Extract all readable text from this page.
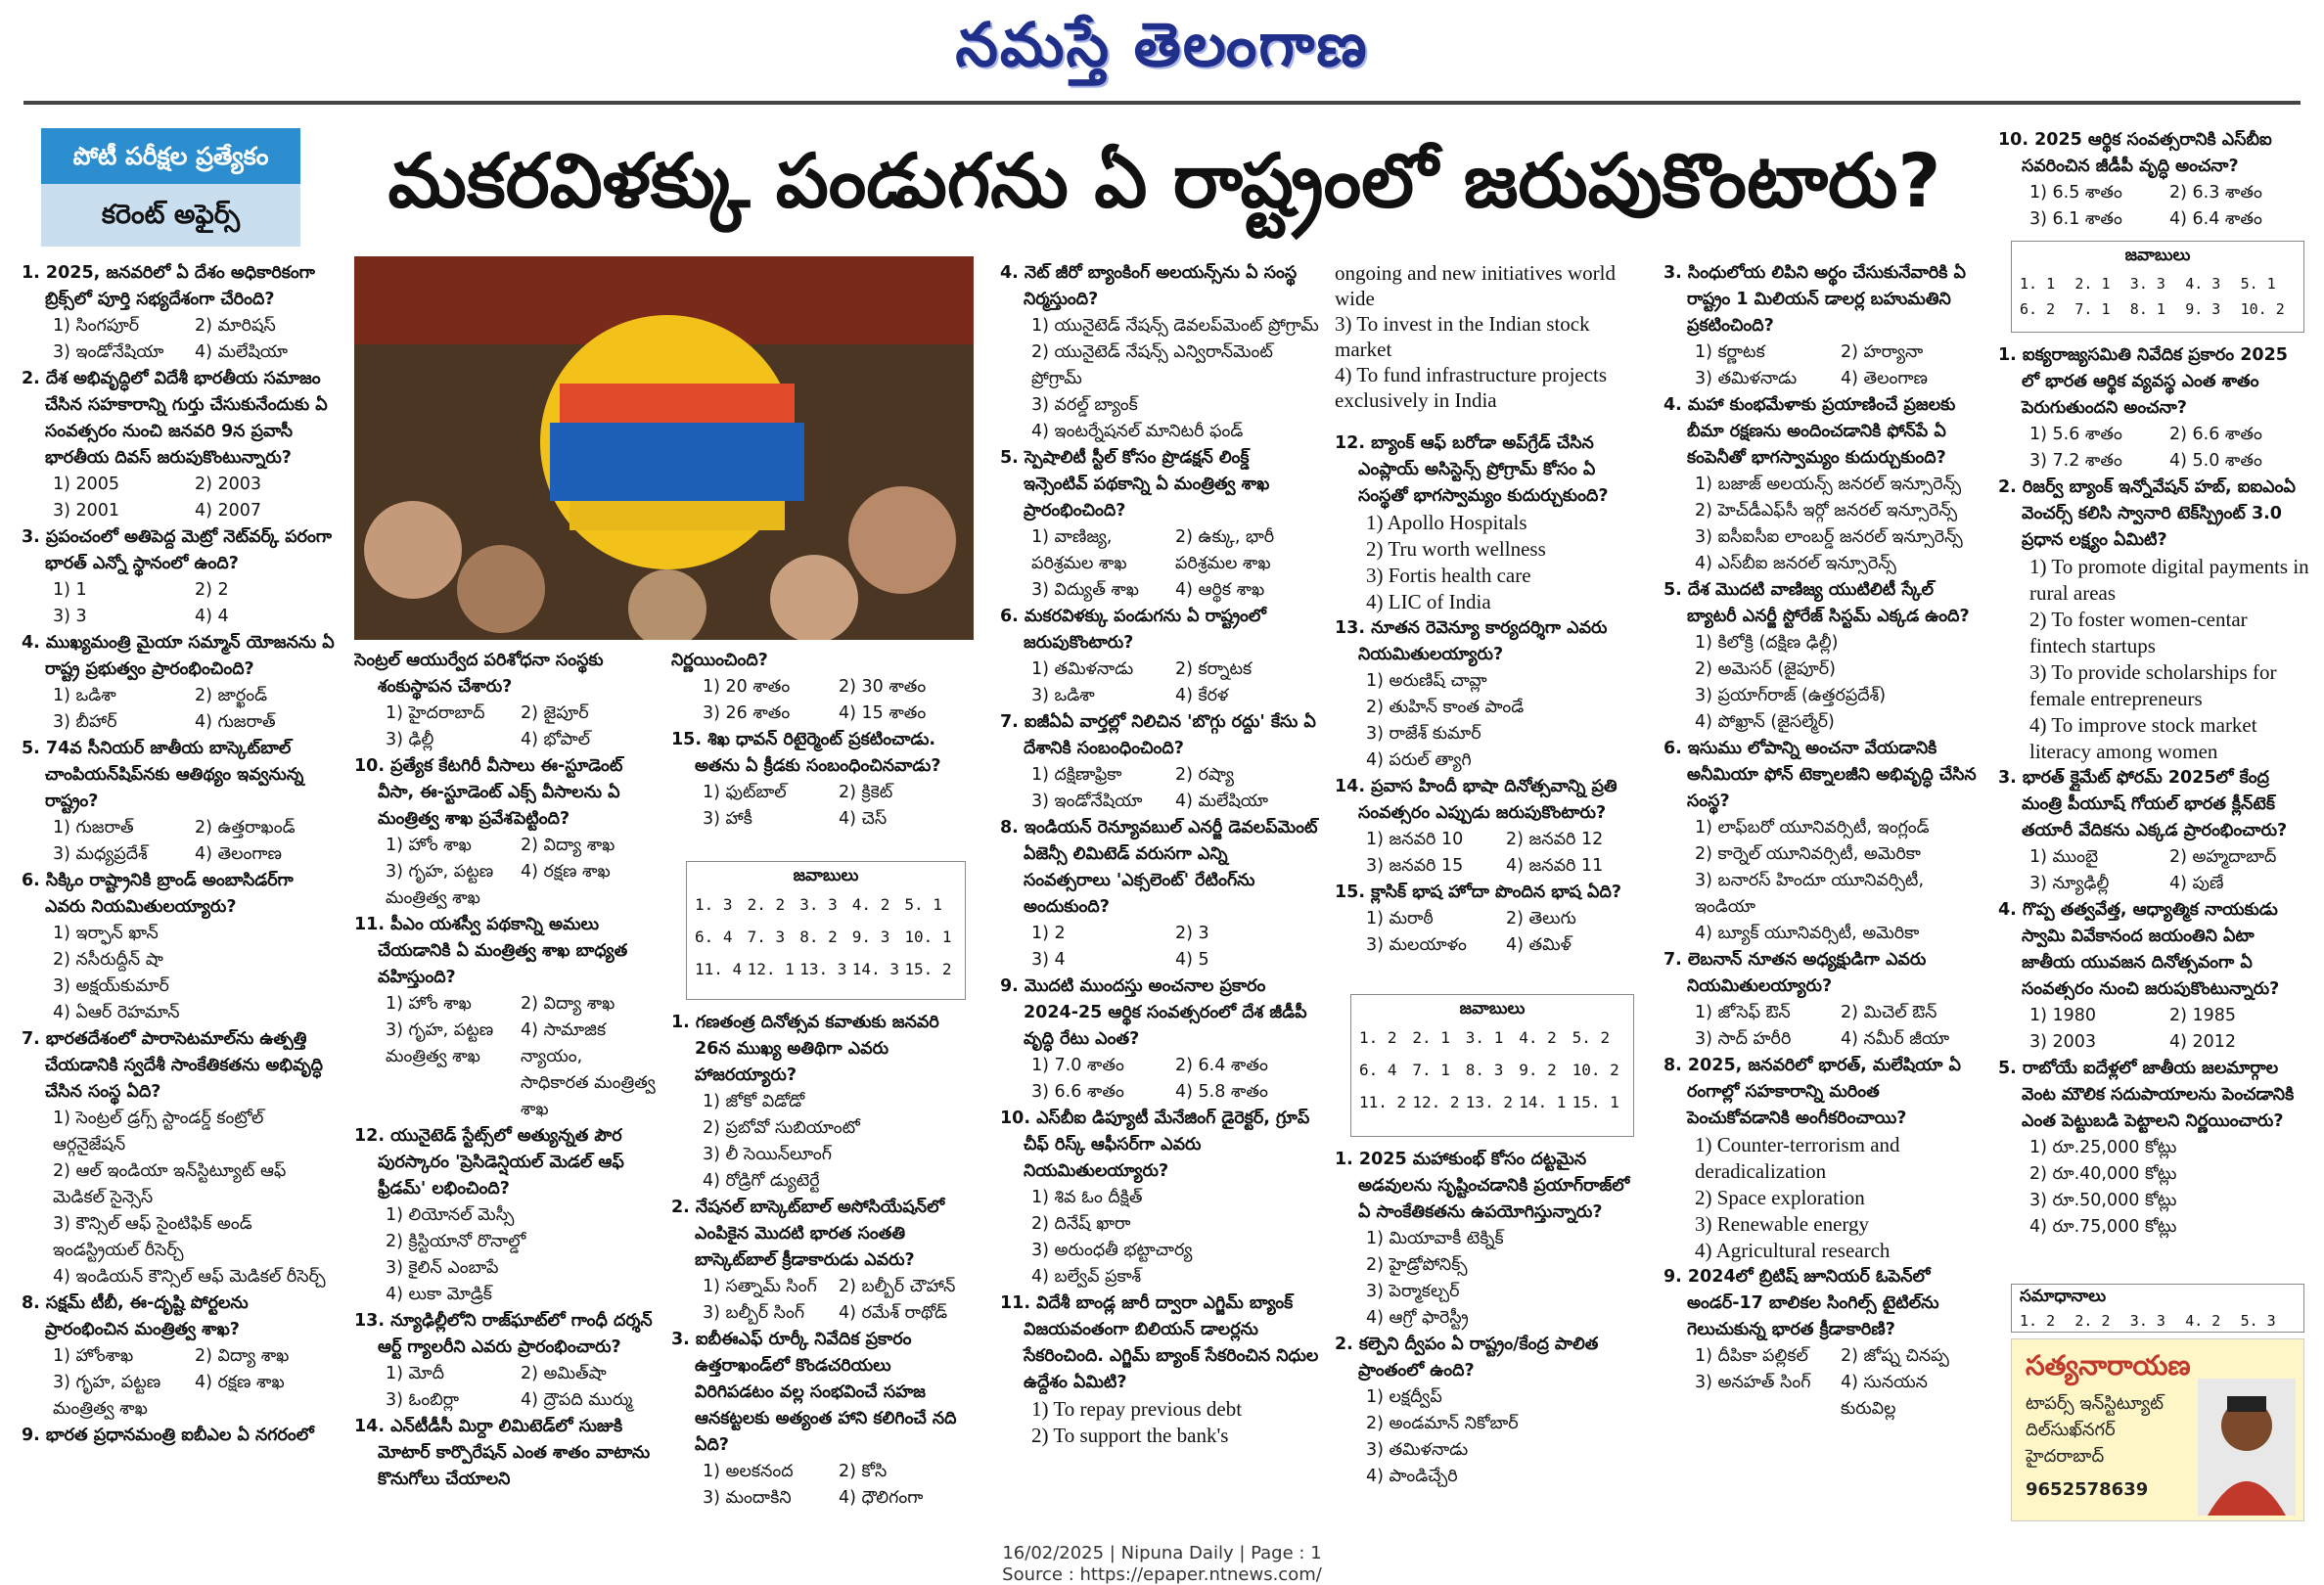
నమస్తే తెలంగాణ
పోటీ పరీక్షల ప్రత్యేకం
కరెంట్ అఫైర్స్	మకరవిళక్కు పండుగను ఏ రాష్ట్రంలో జరుపుకొంటారు?
1. 2025, జనవరిలో ఏ దేశం అధికారికంగా బ్రిక్స్‌లో పూర్తి సభ్యదేశంగా చేరింది?
1) సింగపూర్	2) మారిషస్
3) ఇండోనేషియా	4) మలేషియా
2. దేశ అభివృద్ధిలో విదేశీ భారతీయ సమాజం చేసిన సహకారాన్ని గుర్తు చేసుకునేందుకు ఏ సంవత్సరం నుంచి జనవరి 9న ప్రవాసీ భారతీయ దివస్ జరుపుకొంటున్నారు?
1) 2005	2) 2003
3) 2001	4) 2007
3. ప్రపంచంలో అతిపెద్ద మెట్రో నెట్‌వర్క్ పరంగా భారత్ ఎన్నో స్థానంలో ఉంది?
1) 1	2) 2
3) 3	4) 4
4. ముఖ్యమంత్రి మైయా సమ్మాన్ యోజనను ఏ రాష్ట్ర ప్రభుత్వం ప్రారంభించింది?
1) ఒడిశా	2) జార్ఖండ్
3) బీహార్	4) గుజరాత్
5. 74వ సీనియర్ జాతీయ బాస్కెట్‌బాల్ చాంపియన్‌షిప్‌నకు ఆతిథ్యం ఇవ్వనున్న రాష్ట్రం?
1) గుజరాత్	2) ఉత్తరాఖండ్
3) మధ్యప్రదేశ్	4) తెలంగాణ
6. సిక్కిం రాష్ట్రానికి బ్రాండ్ అంబాసిడర్‌గా ఎవరు నియమితులయ్యారు?
1) ఇర్ఫాన్ ఖాన్
2) నసీరుద్దీన్ షా
3) అక్షయ్‌కుమార్
4) ఏఆర్ రెహమాన్
7. భారతదేశంలో పారాసెటమాల్‌ను ఉత్పత్తి చేయడానికి స్వదేశీ సాంకేతికతను అభివృద్ధి చేసిన సంస్థ ఏది?
1) సెంట్రల్ డ్రగ్స్ స్టాండర్డ్ కంట్రోల్ ఆర్గనైజేషన్
2) ఆల్ ఇండియా ఇన్‌స్టిట్యూట్ ఆఫ్ మెడికల్ సైన్సెస్
3) కౌన్సిల్ ఆఫ్ సైంటిఫిక్ అండ్ ఇండస్ట్రియల్ రీసెర్చ్
4) ఇండియన్ కౌన్సిల్ ఆఫ్ మెడికల్ రీసెర్చ్
8. సక్షమ్ టీబీ, ఈ-దృష్టి పోర్టలను ప్రారంభించిన మంత్రిత్వ శాఖ?
1) హోంశాఖ	2) విద్యా శాఖ
3) గృహ, పట్టణ మంత్రిత్వ శాఖ
4) రక్షణ శాఖ
9. భారత ప్రధానమంత్రి ఐబీఎల ఏ నగరంలో
సెంట్రల్ ఆయుర్వేద పరిశోధనా సంస్థకు శంకుస్థాపన చేశారు?
1) హైదరాబాద్	2) జైపూర్
3) ఢిల్లీ	4) భోపాల్
10. ప్రత్యేక కేటగిరీ వీసాలు ఈ-స్టూడెంట్ వీసా, ఈ-స్టూడెంట్ ఎక్స్ వీసాలను ఏ మంత్రిత్వ శాఖ ప్రవేశపెట్టింది?
1) హోం శాఖ	2) విద్యా శాఖ
3) గృహ, పట్టణ మంత్రిత్వ శాఖ
4) రక్షణ శాఖ
11. పీఎం యశస్వీ పథకాన్ని అమలు చేయడానికి ఏ మంత్రిత్వ శాఖ బాధ్యత వహిస్తుంది?
1) హోం శాఖ	2) విద్యా శాఖ
3) గృహ, పట్టణ మంత్రిత్వ శాఖ
4) సామాజిక న్యాయం, సాధికారత మంత్రిత్వ శాఖ
12. యునైటెడ్ స్టేట్స్‌లో అత్యున్నత పౌర పురస్కారం 'ప్రెసిడెన్షియల్ మెడల్ ఆఫ్ ఫ్రీడమ్' లభించింది?
1) లియోనల్ మెస్సీ
2) క్రిస్టియానో రొనాల్డో
3) కైలిన్ ఎంబాపే
4) లుకా మోడ్రిక్
13. న్యూఢిల్లీలోని రాజ్‌ఘాట్‌లో గాంధీ దర్శన్ ఆర్ట్ గ్యాలరీని ఎవరు ప్రారంభించారు?
1) మోదీ	2) అమిత్‌షా
3) ఓంబిర్లా	4) ద్రౌపది ముర్ము
14. ఎన్‌టీడీసీ మిర్దా లిమిటెడ్‌లో సుజుకి మోటార్ కార్పొరేషన్ ఎంత శాతం వాటాను కొనుగోలు చేయాలని
నిర్ణయించింది?
1) 20 శాతం	2) 30 శాతం
3) 26 శాతం	4) 15 శాతం
15. శిఖ ధావన్ రిటైర్మెంట్ ప్రకటించాడు. అతను ఏ క్రీడకు సంబంధించినవాడు?
1) ఫుట్‌బాల్	2) క్రికెట్
3) హాకీ	4) చెస్
జవాబులు
1. 3 2. 2 3. 3 4. 2 5. 1
6. 4 7. 3 8. 2 9. 3 10. 1
11. 4 12. 1 13. 3 14. 3 15. 2
1. గణతంత్ర దినోత్సవ కవాతుకు జనవరి 26న ముఖ్య అతిథిగా ఎవరు హాజరయ్యారు?
1) జోకో విడోడో
2) ప్రబోవో సుబియాంటో
3) లీ సెయిన్‌లూంగ్
4) రోడ్రిగో డ్యుటెర్టే
2. నేషనల్ బాస్కెట్‌బాల్ అసోసియేషన్‌లో ఎంపికైన మొదటి భారత సంతతి బాస్కెట్‌బాల్ క్రీడాకారుడు ఎవరు?
1) సత్నామ్ సింగ్	2) బల్బీర్ చౌహాన్
3) బల్బీర్ సింగ్	4) రమేశ్ రాథోడ్
3. ఐబీఈఎఫ్ రూర్కీ నివేదిక ప్రకారం ఉత్తరాఖండ్‌లో కొండచరియలు విరిగిపడటం వల్ల సంభవించే సహజ ఆనకట్టలకు అత్యంత హాని కలిగించే నది ఏది?
1) అలకనంద	2) కోసి
3) మందాకిని	4) ధౌలిగంగా
4. నెట్ జీరో బ్యాంకింగ్ అలయన్స్‌ను ఏ సంస్థ నిర్మస్తుంది?
1) యునైటెడ్ నేషన్స్ డెవలప్‌మెంట్ ప్రోగ్రామ్
2) యునైటెడ్ నేషన్స్ ఎన్విరాన్‌మెంట్ ప్రోగ్రామ్
3) వరల్డ్ బ్యాంక్
4) ఇంటర్నేషనల్ మానిటరీ ఫండ్
5. స్పెషాలిటీ స్టీల్ కోసం ప్రొడక్షన్ లింక్డ్ ఇన్సెంటివ్ పథకాన్ని ఏ మంత్రిత్వ శాఖ ప్రారంభించింది?
1) వాణిజ్య, పరిశ్రమల శాఖ
2) ఉక్కు, భారీ పరిశ్రమల శాఖ
3) విద్యుత్ శాఖ	4) ఆర్థిక శాఖ
6. మకరవిళక్కు పండుగను ఏ రాష్ట్రంలో జరుపుకొంటారు?
1) తమిళనాడు	2) కర్నాటక
3) ఒడిశా	4) కేరళ
7. ఐజీఏఏ వార్తల్లో నిలిచిన 'బొగ్గు రద్దు' కేసు ఏ దేశానికి సంబంధించింది?
1) దక్షిణాఫ్రికా	2) రష్యా
3) ఇండోనేషియా	4) మలేషియా
8. ఇండియన్ రెన్యూవబుల్ ఎనర్జీ డెవలప్‌మెంట్ ఏజెన్సీ లిమిటెడ్ వరుసగా ఎన్ని సంవత్సరాలు 'ఎక్సలెంట్' రేటింగ్‌ను అందుకుంది?
1) 2	2) 3
3) 4	4) 5
9. మొదటి ముందస్తు అంచనాల ప్రకారం 2024-25 ఆర్థిక సంవత్సరంలో దేశ జీడీపీ వృద్ధి రేటు ఎంత?
1) 7.0 శాతం	2) 6.4 శాతం
3) 6.6 శాతం	4) 5.8 శాతం
10. ఎస్‌బీఐ డిప్యూటీ మేనేజింగ్ డైరెక్టర్, గ్రూప్ చీఫ్ రిస్క్ ఆఫీసర్‌గా ఎవరు నియమితులయ్యారు?
1) శివ ఓం దీక్షిత్
2) దినేష్ ఖారా
3) అరుంధతీ భట్టాచార్య
4) బల్వేవ్ ప్రకాశ్
11. విదేశీ బాండ్ల జారీ ద్వారా ఎగ్జిమ్ బ్యాంక్ విజయవంతంగా బిలియన్ డాలర్లను సేకరించింది. ఎగ్జిమ్ బ్యాంక్ సేకరించిన నిధుల ఉద్దేశం ఏమిటి?
1) To repay previous debt
2) To support the bank's
ongoing and new initiatives world wide
3) To invest in the Indian stock market
4) To fund infrastructure projects exclusively in India
12. బ్యాంక్ ఆఫ్ బరోడా అప్‌గ్రేడ్ చేసిన ఎంప్లాయ్ అసిస్టెన్స్ ప్రోగ్రామ్ కోసం ఏ సంస్థతో భాగస్వామ్యం కుదుర్చుకుంది?
1) Apollo Hospitals
2) Tru worth wellness
3) Fortis health care
4) LIC of India
13. నూతన రెవెన్యూ కార్యదర్శిగా ఎవరు నియమితులయ్యారు?
1) అరుణిష్ చావ్లా
2) తుహిన్ కాంత పాండే
3) రాజేశ్ కుమార్
4) పరుల్ త్యాగి
14. ప్రవాస హిందీ భాషా దినోత్సవాన్ని ప్రతి సంవత్సరం ఎప్పుడు జరుపుకొంటారు?
1) జనవరి 10	2) జనవరి 12
3) జనవరి 15	4) జనవరి 11
15. క్లాసిక్ భాష హోదా పొందిన భాష ఏది?
1) మరాఠీ	2) తెలుగు
3) మలయాళం	4) తమిళ్
జవాబులు
1. 2 2. 1 3. 1 4. 2 5. 2
6. 4 7. 1 8. 3 9. 2 10. 2
11. 2 12. 2 13. 2 14. 1 15. 1
1. 2025 మహాకుంభ్ కోసం దట్టమైన అడవులను సృష్టించడానికి ప్రయాగ్‌రాజ్‌లో ఏ సాంకేతికతను ఉపయోగిస్తున్నారు?
1) మియావాకీ టెక్నిక్
2) హైడ్రోపోనిక్స్
3) పెర్మాకల్చర్
4) ఆగ్రో ఫారెస్ట్రీ
2. కల్పెని ద్వీపం ఏ రాష్ట్రం/కేంద్ర పాలిత ప్రాంతంలో ఉంది?
1) లక్షద్వీప్
2) అండమాన్ నికోబార్
3) తమిళనాడు
4) పాండిచ్చేరి
3. సింధులోయ లిపిని అర్థం చేసుకునేవారికి ఏ రాష్ట్రం 1 మిలియన్ డాలర్ల బహుమతిని ప్రకటించింది?
1) కర్ణాటక	2) హర్యానా
3) తమిళనాడు	4) తెలంగాణ
4. మహా కుంభమేళాకు ప్రయాణించే ప్రజలకు బీమా రక్షణను అందించడానికి ఫోన్‌పే ఏ కంపెనీతో భాగస్వామ్యం కుదుర్చుకుంది?
1) బజాజ్ అలయన్స్ జనరల్ ఇన్సూరెన్స్
2) హెచ్‌డీఎఫ్‌సీ ఇర్గో జనరల్ ఇన్సూరెన్స్
3) ఐసీఐసీఐ లాంబర్డ్ జనరల్ ఇన్సూరెన్స్
4) ఎస్‌బీఐ జనరల్ ఇన్సూరెన్స్
5. దేశ మొదటి వాణిజ్య యుటిలిటీ స్కేల్ బ్యాటరీ ఎనర్జీ స్టోరేజ్ సిస్టమ్ ఎక్కడ ఉంది?
1) కిలోక్రి (దక్షిణ ఢిల్లీ)
2) అమెసర్ (జైపూర్)
3) ప్రయాగ్‌రాజ్ (ఉత్తరప్రదేశ్)
4) పోఖ్రాన్ (జైసల్మేర్)
6. ఇసుము లోపాన్ని అంచనా వేయడానికి అనీమియా ఫోన్ టెక్నాలజీని అభివృద్ధి చేసిన సంస్థ?
1) లాఫ్‌బరో యూనివర్సిటీ, ఇంగ్లండ్
2) కార్నెల్ యూనివర్సిటీ, అమెరికా
3) బనారస్ హిందూ యూనివర్సిటీ, ఇండియా
4) బ్యూక్ యూనివర్సిటీ, అమెరికా
7. లెబనాన్ నూతన అధ్యక్షుడిగా ఎవరు నియమితులయ్యారు?
1) జోసెఫ్ ఔన్	2) మిచెల్ ఔన్
3) సాద్ హరీరి	4) నమీర్ జీయా
8. 2025, జనవరిలో భారత్, మలేషియా ఏ రంగాల్లో సహకారాన్ని మరింత పెంచుకోవడానికి అంగీకరించాయి?
1) Counter-terrorism and deradicalization
2) Space exploration
3) Renewable energy
4) Agricultural research
9. 2024లో బ్రిటిష్ జూనియర్ ఓపెన్‌లో అండర్-17 బాలికల సింగిల్స్ టైటిల్‌ను గెలుచుకున్న భారత క్రీడాకారిణి?
1) దీపికా పల్లికల్	2) జోష్న చినప్ప
3) అనహత్ సింగ్	4) సునయన కురువిల్ల
10. 2025 ఆర్థిక సంవత్సరానికి ఎస్‌బీఐ సవరించిన జీడీపీ వృద్ధి అంచనా?
1) 6.5 శాతం	2) 6.3 శాతం
3) 6.1 శాతం	4) 6.4 శాతం
జవాబులు
1. 1	2. 1	3. 3	4. 3	5. 1
6. 2	7. 1	8. 1	9. 3	10. 2
1. ఐక్యరాజ్యసమితి నివేదిక ప్రకారం 2025 లో భారత ఆర్థిక వ్యవస్థ ఎంత శాతం పెరుగుతుందని అంచనా?
1) 5.6 శాతం	2) 6.6 శాతం
3) 7.2 శాతం	4) 5.0 శాతం
2. రిజర్వ్ బ్యాంక్ ఇన్నోవేషన్ హబ్, ఐఐఎంఏ వెంచర్స్ కలిసి స్వానారి టెక్‌స్ప్రింట్ 3.0 ప్రధాన లక్ష్యం ఏమిటి?
1) To promote digital payments in rural areas
2) To foster women-centar fintech startups
3) To provide scholarships for female entrepreneurs
4) To improve stock market literacy among women
3. భారత్ క్లైమేట్ ఫోరమ్ 2025లో కేంద్ర మంత్రి పీయూష్ గోయల్ భారత క్లీన్‌టెక్ తయారీ వేదికను ఎక్కడ ప్రారంభించారు?
1) ముంబై	2) అహ్మదాబాద్
3) న్యూఢిల్లీ	4) పుణే
4. గొప్ప తత్వవేత్త, ఆధ్యాత్మిక నాయకుడు స్వామి వివేకానంద జయంతిని ఏటా జాతీయ యువజన దినోత్సవంగా ఏ సంవత్సరం నుంచి జరుపుకొంటున్నారు?
1) 1980	2) 1985
3) 2003	4) 2012
5. రాబోయే ఐదేళ్లలో జాతీయ జలమార్గాల వెంట మౌలిక సదుపాయాలను పెంచడానికి ఎంత పెట్టుబడి పెట్టాలని నిర్ణయించారు?
1) రూ.25,000 కోట్లు
2) రూ.40,000 కోట్లు
3) రూ.50,000 కోట్లు
4) రూ.75,000 కోట్లు
సమాధానాలు
1. 2	2. 2	3. 3	4. 2	5. 3
సత్యనారాయణ
టాపర్స్ ఇన్‌స్టిట్యూట్
దిల్‌సుఖ్‌నగర్
హైదరాబాద్
9652578639
16/02/2025 | Nipuna Daily | Page : 1
Source : https://epaper.ntnews.com/
